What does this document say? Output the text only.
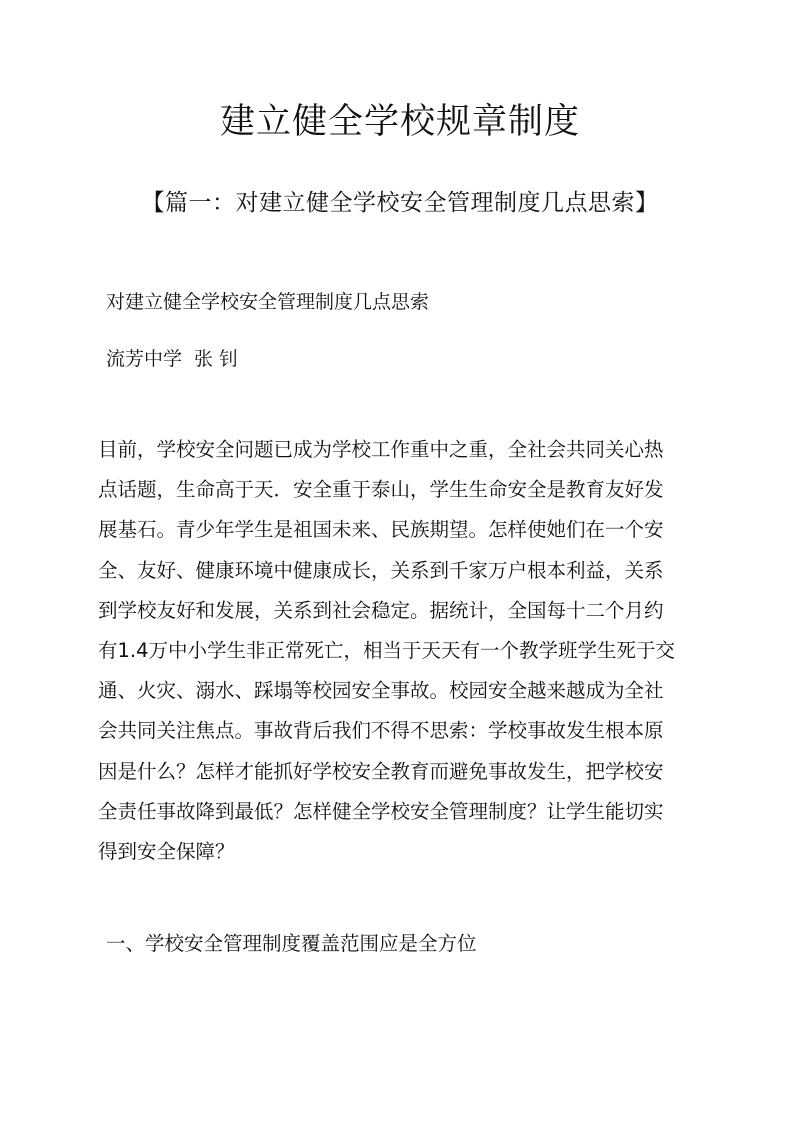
建立健全学校规章制度
【篇一：对建立健全学校安全管理制度几点思索】
对建立健全学校安全管理制度几点思索
流芳中学 张 钊
目前，学校安全问题已成为学校工作重中之重，全社会共同关心热
点话题，生命高于天．安全重于泰山，学生生命安全是教育友好发
展基石。青少年学生是祖国未来、民族期望。怎样使她们在一个安
全、友好、健康环境中健康成长，关系到千家万户根本利益，关系
到学校友好和发展，关系到社会稳定。据统计，全国每十二个月约
有1.4万中小学生非正常死亡，相当于天天有一个教学班学生死于交
通、火灾、溺水、踩塌等校园安全事故。校园安全越来越成为全社
会共同关注焦点。事故背后我们不得不思索：学校事故发生根本原
因是什么？怎样才能抓好学校安全教育而避免事故发生，把学校安
全责任事故降到最低？怎样健全学校安全管理制度？让学生能切实
得到安全保障？
一、学校安全管理制度覆盖范围应是全方位
